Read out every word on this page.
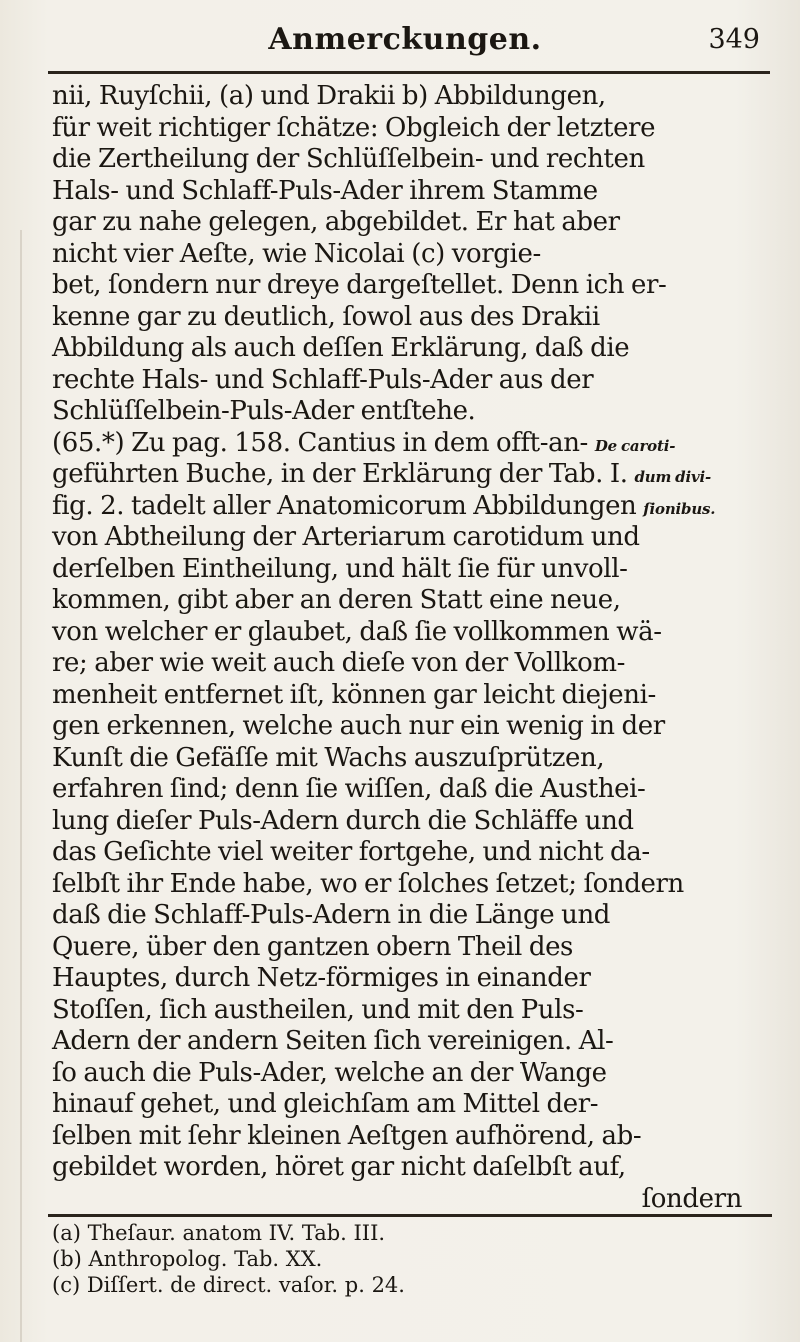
Anmerckungen.	349
nii, Ruyſchii, (a) und Drakii b) Abbildungen,
für weit richtiger ſchätze: Obgleich der letztere
die Zertheilung der Schlüſſelbein- und rechten
Hals- und Schlaff-Puls-Ader ihrem Stamme
gar zu nahe gelegen, abgebildet. Er hat aber
nicht vier Aeſte, wie Nicolai (c) vorgie-
bet, ſondern nur dreye dargeſtellet. Denn ich er-
kenne gar zu deutlich, ſowol aus des Drakii
Abbildung als auch deſſen Erklärung, daß die
rechte Hals- und Schlaff-Puls-Ader aus der
Schlüſſelbein-Puls-Ader entſtehe.
(65.*) Zu pag. 158. Cantius in dem offt-an- De caroti-
geführten Buche, in der Erklärung der Tab. I. dum divi-
fig. 2. tadelt aller Anatomicorum Abbildungen ſionibus.
von Abtheilung der Arteriarum carotidum und
derſelben Eintheilung, und hält ſie für unvoll-
kommen, gibt aber an deren Statt eine neue,
von welcher er glaubet, daß ſie vollkommen wä-
re; aber wie weit auch dieſe von der Vollkom-
menheit entfernet iſt, können gar leicht diejeni-
gen erkennen, welche auch nur ein wenig in der
Kunſt die Gefäſſe mit Wachs auszuſprützen,
erfahren ſind; denn ſie wiſſen, daß die Austhei-
lung dieſer Puls-Adern durch die Schläffe und
das Geſichte viel weiter fortgehe, und nicht da-
ſelbſt ihr Ende habe, wo er ſolches ſetzet; ſondern
daß die Schlaff-Puls-Adern in die Länge und
Quere, über den gantzen obern Theil des
Hauptes, durch Netz-förmiges in einander
Stoſſen, ſich austheilen, und mit den Puls-
Adern der andern Seiten ſich vereinigen. Al-
ſo auch die Puls-Ader, welche an der Wange
hinauf gehet, und gleichſam am Mittel der-
ſelben mit ſehr kleinen Aeſtgen aufhörend, ab-
gebildet worden, höret gar nicht daſelbſt auf,
ſondern
(a) Theſaur. anatom IV. Tab. III.
(b) Anthropolog. Tab. XX.
(c) Diſſert. de direct. vaſor. p. 24.
